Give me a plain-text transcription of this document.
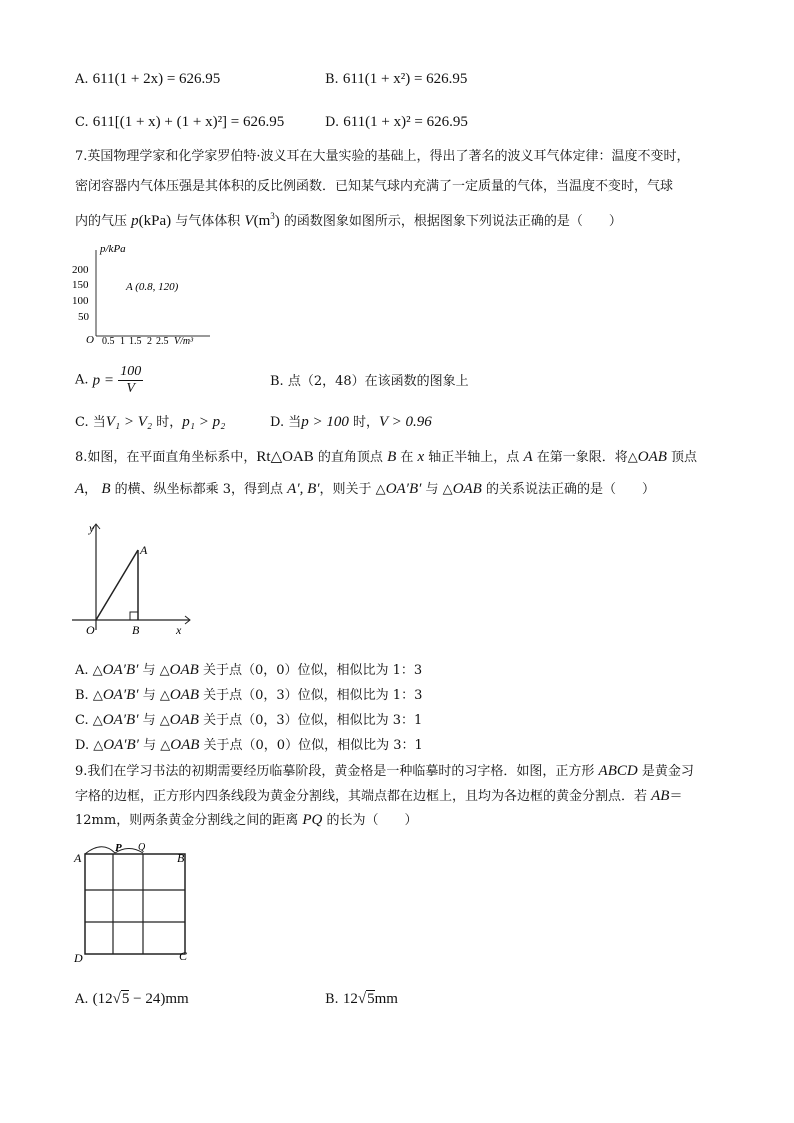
A. 611(1 + 2x) = 626.95	B. 611(1 + x²) = 626.95
C. 611[(1 + x) + (1 + x)²] = 626.95	D. 611(1 + x)² = 626.95
7.英国物理学家和化学家罗伯特·波义耳在大量实验的基础上，得出了著名的波义耳气体定律：温度不变时，
密闭容器内气体压强是其体积的反比例函数．已知某气球内充满了一定质量的气体，当温度不变时，气球
内的气压 p(kPa) 与气体体积 $V(m^3)$ 的函数图象如图所示，根据图象下列说法正确的是（　　）
p/kPa
200
150
100
50
O 0.5 1 1.5 2 2.5 V/m³
A (0.8, 120)
A. $p = \frac{100}{V}$	B. 点（2，48）在该函数的图象上
C. 当V₁ > V₂ 时，p₁ > p₂	D. 当p > 100 时，V > 0.96
8.如图，在平面直角坐标系中，Rt△OAB 的直角顶点 B 在 x 轴正半轴上，点 A 在第一象限．将△OAB 顶点
A， B 的横、纵坐标都乘 3，得到点 A′, B′，则关于 △OA′B′ 与 △OAB 的关系说法正确的是（　　）
y
x
O
A
B
A. △OA′B′ 与 △OAB 关于点（0，0）位似，相似比为 1：3
B. △OA′B′ 与 △OAB 关于点（0，3）位似，相似比为 1：3
C. △OA′B′ 与 △OAB 关于点（0，3）位似，相似比为 3：1
D. △OA′B′ 与 △OAB 关于点（0，0）位似，相似比为 3：1
9.我们在学习书法的初期需要经历临摹阶段，黄金格是一种临摹时的习字格．如图，正方形 ABCD 是黄金习
字格的边框，正方形内四条线段为黄金分割线，其端点都在边框上，且均为各边框的黄金分割点．若 AB＝
12mm，则两条黄金分割线之间的距离 PQ 的长为（　　）
A	B
C
D
P Q
A. (12√5 − 24)mm	B. 12√5mm
